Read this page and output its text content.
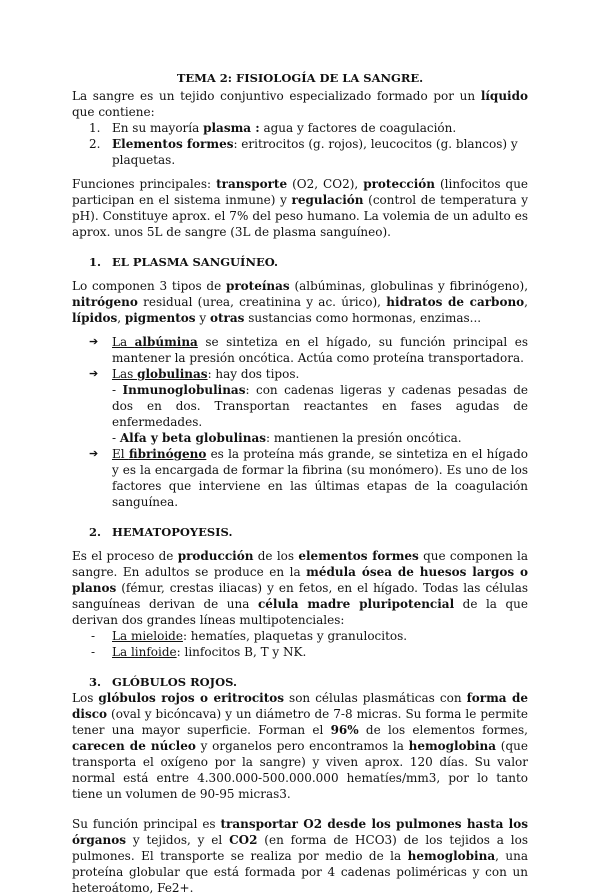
TEMA 2: FISIOLOGÍA DE LA SANGRE.

La sangre es un tejido conjuntivo especializado formado por un líquido que contiene:

1. En su mayoría plasma : agua y factores de coagulación.
2. Elementos formes: eritrocitos (g. rojos), leucocitos (g. blancos) y plaquetas.

Funciones principales: transporte (O2, CO2), protección (linfocitos que participan en el sistema inmune) y regulación (control de temperatura y pH). Constituye aprox. el 7% del peso humano. La volemia de un adulto es aprox. unos 5L de sangre (3L de plasma sanguíneo).

1. EL PLASMA SANGUÍNEO.

Lo componen 3 tipos de proteínas (albúminas, globulinas y fibrinógeno), nitrógeno residual (urea, creatinina y ac. úrico), hidratos de carbono, lípidos, pigmentos y otras sustancias como hormonas, enzimas...

➔ La albúmina se sintetiza en el hígado, su función principal es mantener la presión oncótica. Actúa como proteína transportadora.
➔ Las globulinas: hay dos tipos.
- Inmunoglobulinas: con cadenas ligeras y cadenas pesadas de dos en dos. Transportan reactantes en fases agudas de enfermedades.
- Alfa y beta globulinas: mantienen la presión oncótica.
➔ El fibrinógeno es la proteína más grande, se sintetiza en el hígado y es la encargada de formar la fibrina (su monómero). Es uno de los factores que interviene en las últimas etapas de la coagulación sanguínea.
2. HEMATOPOYESIS.

Es el proceso de producción de los elementos formes que componen la sangre. En adultos se produce en la médula ósea de huesos largos o planos (fémur, crestas iliacas) y en fetos, en el hígado. Todas las células sanguíneas derivan de una célula madre pluripotencial de la que derivan dos grandes líneas multipotenciales:

- La mieloide: hematíes, plaquetas y granulocitos.
- La linfoide: linfocitos B, T y NK.
3. GLÓBULOS ROJOS.

Los glóbulos rojos o eritrocitos son células plasmáticas con forma de disco (oval y bicóncava) y un diámetro de 7-8 micras. Su forma le permite tener una mayor superficie. Forman el 96% de los elementos formes, carecen de núcleo y organelos pero encontramos la hemoglobina (que transporta el oxígeno por la sangre) y viven aprox. 120 días. Su valor normal está entre 4.300.000-500.000.000 hematíes/mm3, por lo tanto tiene un volumen de 90-95 micras3.

Su función principal es transportar O2 desde los pulmones hasta los órganos y tejidos, y el CO2 (en forma de HCO3) de los tejidos a los pulmones. El transporte se realiza por medio de la hemoglobina, una proteína globular que está formada por 4 cadenas poliméricas y con un heteroátomo, Fe2+.
